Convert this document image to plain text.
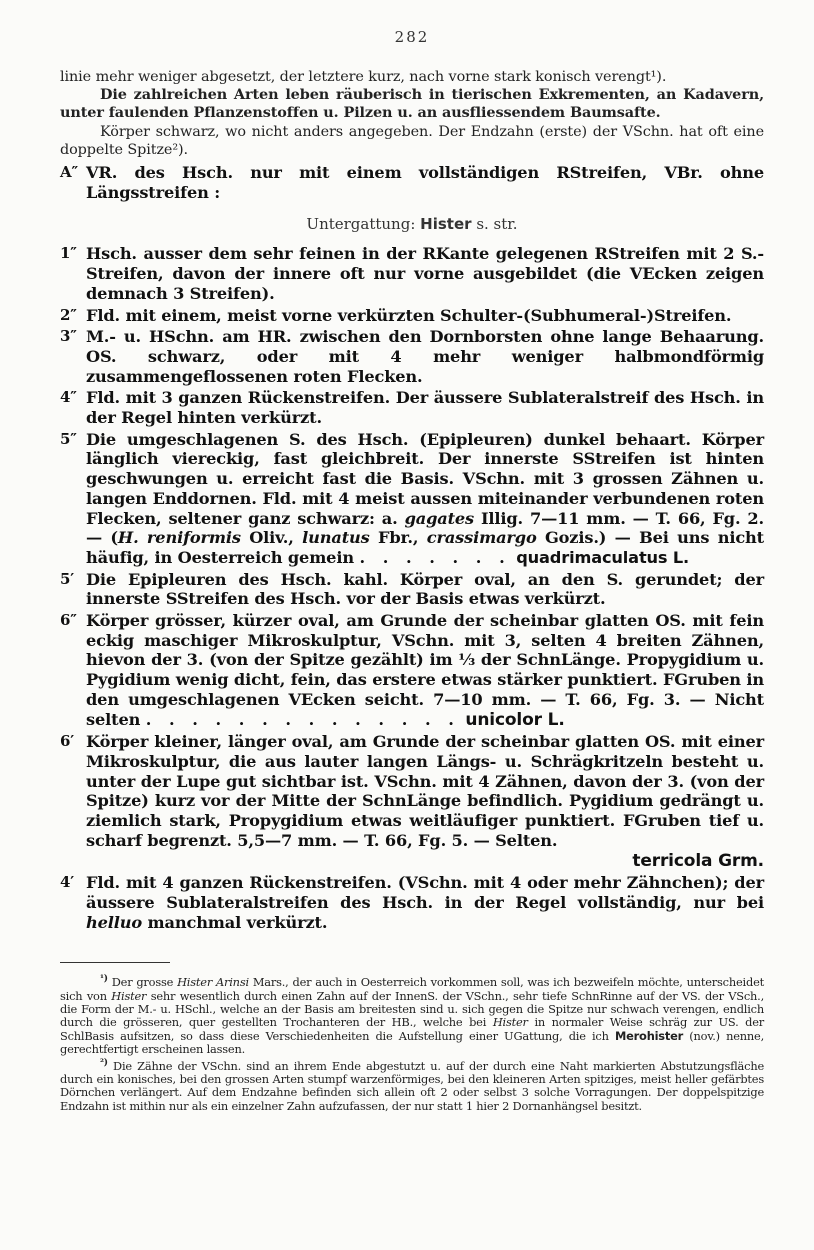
282

linie mehr weniger abgesetzt, der letztere kurz, nach vorne stark konisch verengt¹).

Die zahlreichen Arten leben räuberisch in tierischen Exkrementen, an Kadavern, unter faulenden Pflanzenstoffen u. Pilzen u. an ausfliessendem Baumsafte.

Körper schwarz, wo nicht anders angegeben. Der Endzahn (erste) der VSchn. hat oft eine doppelte Spitze²).

A″ VR. des Hsch. nur mit einem vollständigen RStreifen, VBr. ohne Längsstreifen :
Untergattung: Hister s. str.
1″ Hsch. ausser dem sehr feinen in der RKante gelegenen RStreifen mit 2 S.-Streifen, davon der innere oft nur vorne ausgebildet (die VEcken zeigen demnach 3 Streifen).
2″ Fld. mit einem, meist vorne verkürzten Schulter-(Subhumeral-)Streifen.
3″ M.- u. HSchn. am HR. zwischen den Dornborsten ohne lange Behaarung. OS. schwarz, oder mit 4 mehr weniger halbmondförmig zusammengeflossenen roten Flecken.
4″ Fld. mit 3 ganzen Rückenstreifen. Der äussere Sublateralstreif des Hsch. in der Regel hinten verkürzt.
5″ Die umgeschlagenen S. des Hsch. (Epipleuren) dunkel behaart. Körper länglich viereckig, fast gleichbreit. Der innerste SStreifen ist hinten geschwungen u. erreicht fast die Basis. VSchn. mit 3 grossen Zähnen u. langen Enddornen. Fld. mit 4 meist aussen miteinander verbundenen roten Flecken, seltener ganz schwarz: a. gagates Illig. 7—11 mm. — T. 66, Fg. 2. — (H. reniformis Oliv., lunatus Fbr., crassimargo Gozis.) — Bei uns nicht häufig, in Oesterreich gemein . . . . . . . quadrimaculatus L.
5′ Die Epipleuren des Hsch. kahl. Körper oval, an den S. gerundet; der innerste SStreifen des Hsch. vor der Basis etwas verkürzt.
6″ Körper grösser, kürzer oval, am Grunde der scheinbar glatten OS. mit fein eckig maschiger Mikroskulptur, VSchn. mit 3, selten 4 breiten Zähnen, hievon der 3. (von der Spitze gezählt) im ⅓ der SchnLänge. Propygidium u. Pygidium wenig dicht, fein, das erstere etwas stärker punktiert. FGruben in den umgeschlagenen VEcken seicht. 7—10 mm. — T. 66, Fg. 3. — Nicht selten . . . . . . . . . . . . . . unicolor L.
6′ Körper kleiner, länger oval, am Grunde der scheinbar glatten OS. mit einer Mikroskulptur, die aus lauter langen Längs- u. Schrägkritzeln besteht u. unter der Lupe gut sichtbar ist. VSchn. mit 4 Zähnen, davon der 3. (von der Spitze) kurz vor der Mitte der SchnLänge befindlich. Pygidium gedrängt u. ziemlich stark, Propygidium etwas weitläufiger punktiert. FGruben tief u. scharf begrenzt. 5,5—7 mm. — T. 66, Fg. 5. — Selten.
terricola Grm.
4′ Fld. mit 4 ganzen Rückenstreifen. (VSchn. mit 4 oder mehr Zähnchen); der äussere Sublateralstreifen des Hsch. in der Regel vollständig, nur bei helluo manchmal verkürzt.

$^{^1)}$ Der grosse Hister Arinsi Mars., der auch in Oesterreich vorkommen soll, was ich bezweifeln möchte, unterscheidet sich von Hister sehr wesentlich durch einen Zahn auf der InnenS. der VSchn., sehr tiefe SchnRinne auf der VS. der VSch., die Form der M.- u. HSchl., welche an der Basis am breitesten sind u. sich gegen die Spitze nur schwach verengen, endlich durch die grösseren, quer gestellten Trochanteren der HB., welche bei Hister in normaler Weise schräg zur US. der SchlBasis aufsitzen, so dass diese Verschiedenheiten die Aufstellung einer UGattung, die ich Merohister (nov.) nenne, gerechtfertigt erscheinen lassen.

$^{^2)}$ Die Zähne der VSchn. sind an ihrem Ende abgestutzt u. auf der durch eine Naht markierten Abstutzungsfläche durch ein konisches, bei den grossen Arten stumpf warzenförmiges, bei den kleineren Arten spitziges, meist heller gefärbtes Dörnchen verlängert. Auf dem Endzahne befinden sich allein oft 2 oder selbst 3 solche Vorragungen. Der doppelspitzige Endzahn ist mithin nur als ein einzelner Zahn aufzufassen, der nur statt 1 hier 2 Dornanhängsel besitzt.
